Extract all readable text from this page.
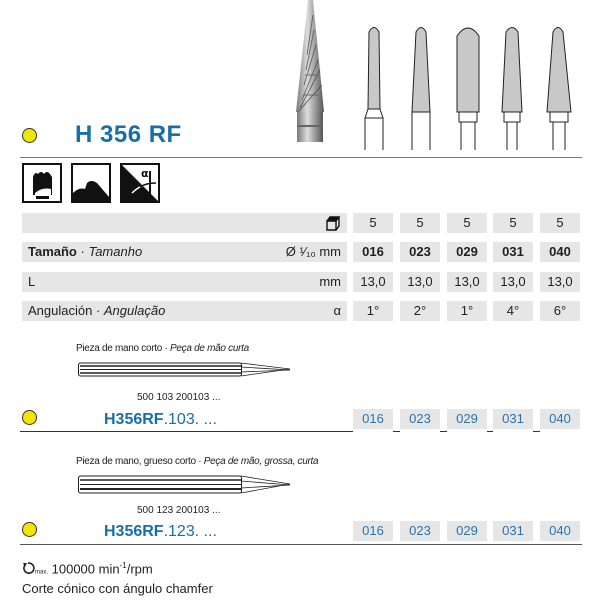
H 356 RF
α
5	5	5	5	5
Tamaño · Tamanho	Ø ¹⁄₁₀ mm	016	023	029	031	040
L	mm	13,0	13,0	13,0	13,0	13,0
Angulación · Angulação	α	1°	2°	1°	4°	6°
Pieza de mano corto · Peça de mão curta
500 103 200103 ...
H356RF.103. ...	016	023	029	031	040
Pieza de mano, grueso corto · Peça de mão, grossa, curta
500 123 200103 ...
H356RF.123. ...	016	023	029	031	040
max. 100000 $\min^{-1}$/rpm
Corte cónico con ángulo chamfer
